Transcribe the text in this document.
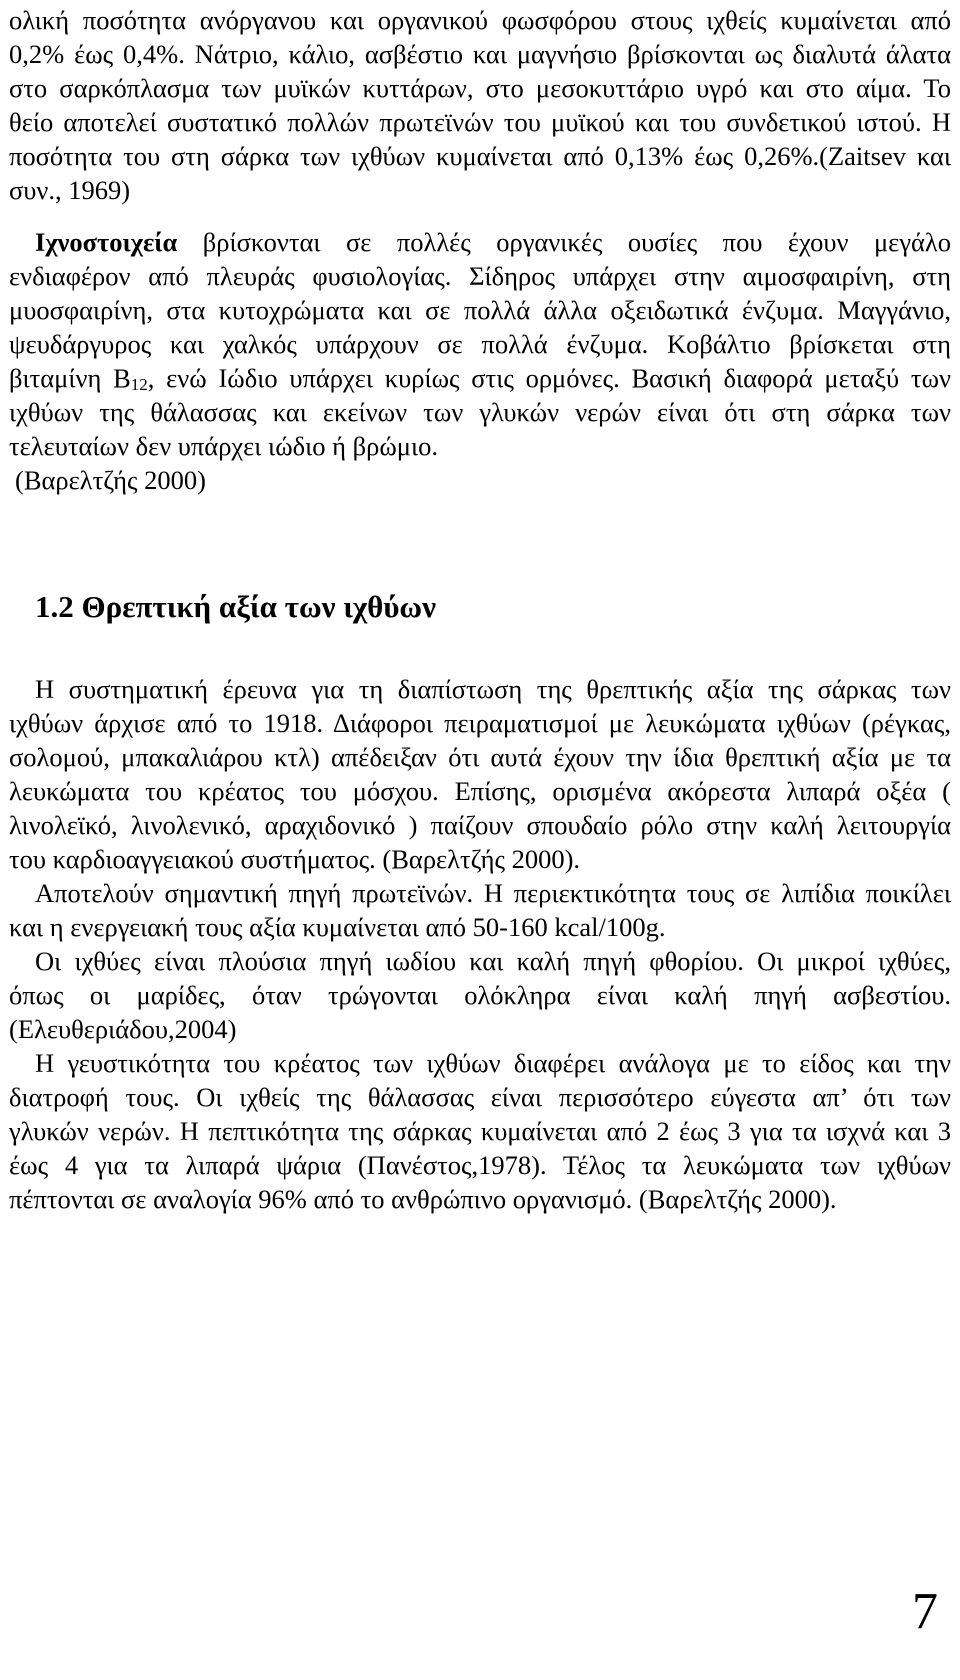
ολική ποσότητα ανόργανου και οργανικού φωσφόρου στους ιχθείς κυμαίνεται από
0,2% έως 0,4%. Νάτριο, κάλιο, ασβέστιο και μαγνήσιο βρίσκονται ως διαλυτά άλατα
στο σαρκόπλασμα των μυϊκών κυττάρων, στο μεσοκυττάριο υγρό και στο αίμα. Το
θείο αποτελεί συστατικό πολλών πρωτεϊνών του μυϊκού και του συνδετικού ιστού. Η
ποσότητα του στη σάρκα των ιχθύων κυμαίνεται από 0,13% έως 0,26%.(Zaitsev και
συν., 1969)
Ιχνοστοιχεία βρίσκονται σε πολλές οργανικές ουσίες που έχουν μεγάλο
ενδιαφέρον από πλευράς φυσιολογίας. Σίδηρος υπάρχει στην αιμοσφαιρίνη, στη
μυοσφαιρίνη, στα κυτοχρώματα και σε πολλά άλλα οξειδωτικά ένζυμα. Μαγγάνιο,
ψευδάργυρος και χαλκός υπάρχουν σε πολλά ένζυμα. Κοβάλτιο βρίσκεται στη
βιταμίνη $B_{12}$, ενώ Ιώδιο υπάρχει κυρίως στις ορμόνες. Βασική διαφορά μεταξύ των
ιχθύων της θάλασσας και εκείνων των γλυκών νερών είναι ότι στη σάρκα των
τελευταίων δεν υπάρχει ιώδιο ή βρώμιο.
(Βαρελτζής 2000)
1.2 Θρεπτική αξία των ιχθύων
Η συστηματική έρευνα για τη διαπίστωση της θρεπτικής αξία της σάρκας των
ιχθύων άρχισε από το 1918. Διάφοροι πειραματισμοί με λευκώματα ιχθύων (ρέγκας,
σολομού, μπακαλιάρου κτλ) απέδειξαν ότι αυτά έχουν την ίδια θρεπτική αξία με τα
λευκώματα του κρέατος του μόσχου. Επίσης, ορισμένα ακόρεστα λιπαρά οξέα (
λινολεϊκό, λινολενικό, αραχιδονικό ) παίζουν σπουδαίο ρόλο στην καλή λειτουργία
του καρδιοαγγειακού συστήματος. (Βαρελτζής 2000).
Αποτελούν σημαντική πηγή πρωτεϊνών. Η περιεκτικότητα τους σε λιπίδια ποικίλει
και η ενεργειακή τους αξία κυμαίνεται από 50-160 kcal/100g.
Οι ιχθύες είναι πλούσια πηγή ιωδίου και καλή πηγή φθορίου. Οι μικροί ιχθύες,
όπως οι μαρίδες, όταν τρώγονται ολόκληρα είναι καλή πηγή ασβεστίου.
(Ελευθεριάδου,2004)
Η γευστικότητα του κρέατος των ιχθύων διαφέρει ανάλογα με το είδος και την
διατροφή τους. Οι ιχθείς της θάλασσας είναι περισσότερο εύγεστα απ’ ότι των
γλυκών νερών. Η πεπτικότητα της σάρκας κυμαίνεται από 2 έως 3 για τα ισχνά και 3
έως 4 για τα λιπαρά ψάρια (Πανέστος,1978). Τέλος τα λευκώματα των ιχθύων
πέπτονται σε αναλογία 96% από το ανθρώπινο οργανισμό. (Βαρελτζής 2000).
7
